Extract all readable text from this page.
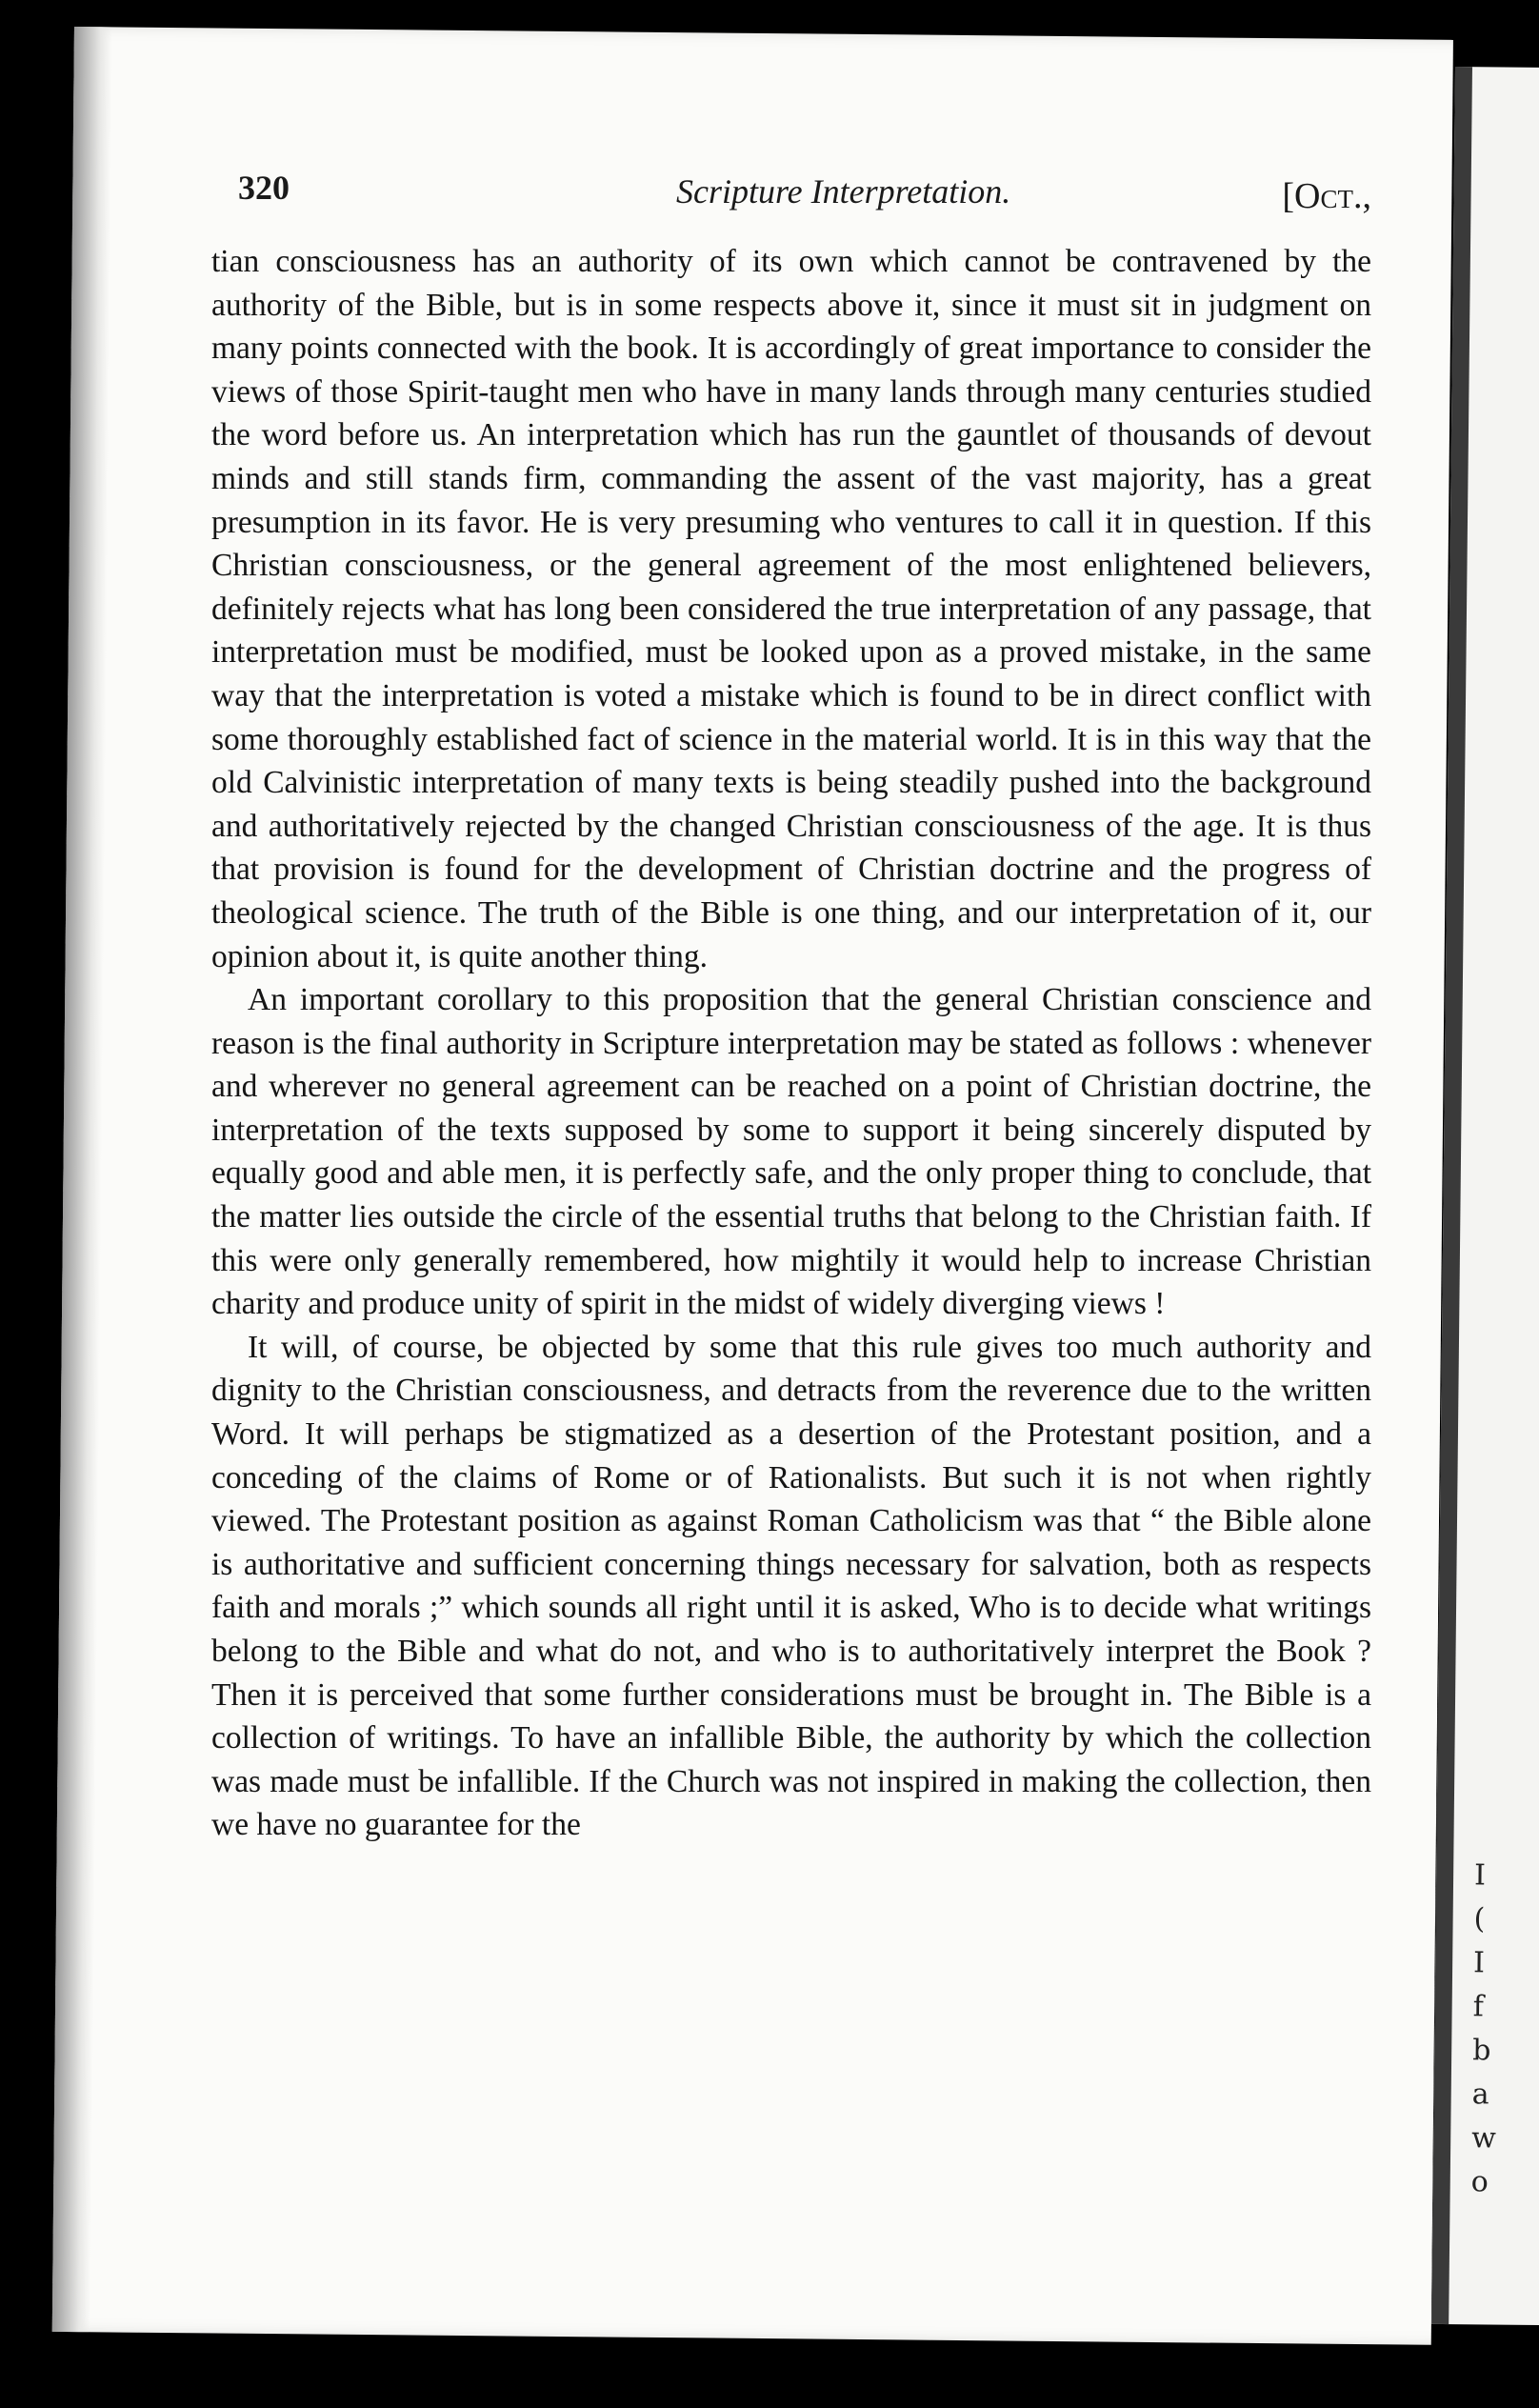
I
(
I
f
b
a
w
o
320	Scripture Interpretation.	[Oct.,

tian consciousness has an authority of its own which cannot be contravened by the authority of the Bible, but is in some respects above it, since it must sit in judgment on many points connected with the book. It is accordingly of great importance to consider the views of those Spirit-taught men who have in many lands through many centuries studied the word before us. An interpretation which has run the gauntlet of thousands of devout minds and still stands firm, commanding the assent of the vast majority, has a great presumption in its favor. He is very presuming who ventures to call it in question. If this Christian consciousness, or the general agreement of the most enlightened believers, definitely rejects what has long been considered the true interpretation of any passage, that interpretation must be modified, must be looked upon as a proved mistake, in the same way that the interpretation is voted a mistake which is found to be in direct conflict with some thoroughly established fact of science in the material world. It is in this way that the old Calvinistic interpretation of many texts is being steadily pushed into the background and authoritatively rejected by the changed Christian consciousness of the age. It is thus that provision is found for the development of Christian doctrine and the progress of theological science. The truth of the Bible is one thing, and our interpretation of it, our opinion about it, is quite another thing.

An important corollary to this proposition that the general Christian conscience and reason is the final authority in Scripture interpretation may be stated as follows : whenever and wherever no general agreement can be reached on a point of Christian doctrine, the interpretation of the texts supposed by some to support it being sincerely disputed by equally good and able men, it is perfectly safe, and the only proper thing to conclude, that the matter lies outside the circle of the essential truths that belong to the Christian faith. If this were only generally remembered, how mightily it would help to increase Christian charity and produce unity of spirit in the midst of widely diverging views !

It will, of course, be objected by some that this rule gives too much authority and dignity to the Christian consciousness, and detracts from the reverence due to the written Word. It will perhaps be stigmatized as a desertion of the Protestant position, and a conceding of the claims of Rome or of Rationalists. But such it is not when rightly viewed. The Protestant position as against Roman Catholicism was that “ the Bible alone is authoritative and sufficient concerning things necessary for salvation, both as respects faith and morals ;” which sounds all right until it is asked, Who is to decide what writings belong to the Bible and what do not, and who is to authoritatively interpret the Book ? Then it is perceived that some further considerations must be brought in. The Bible is a collection of writings. To have an infallible Bible, the authority by which the collection was made must be infallible. If the Church was not inspired in making the collection, then we have no guarantee for the
